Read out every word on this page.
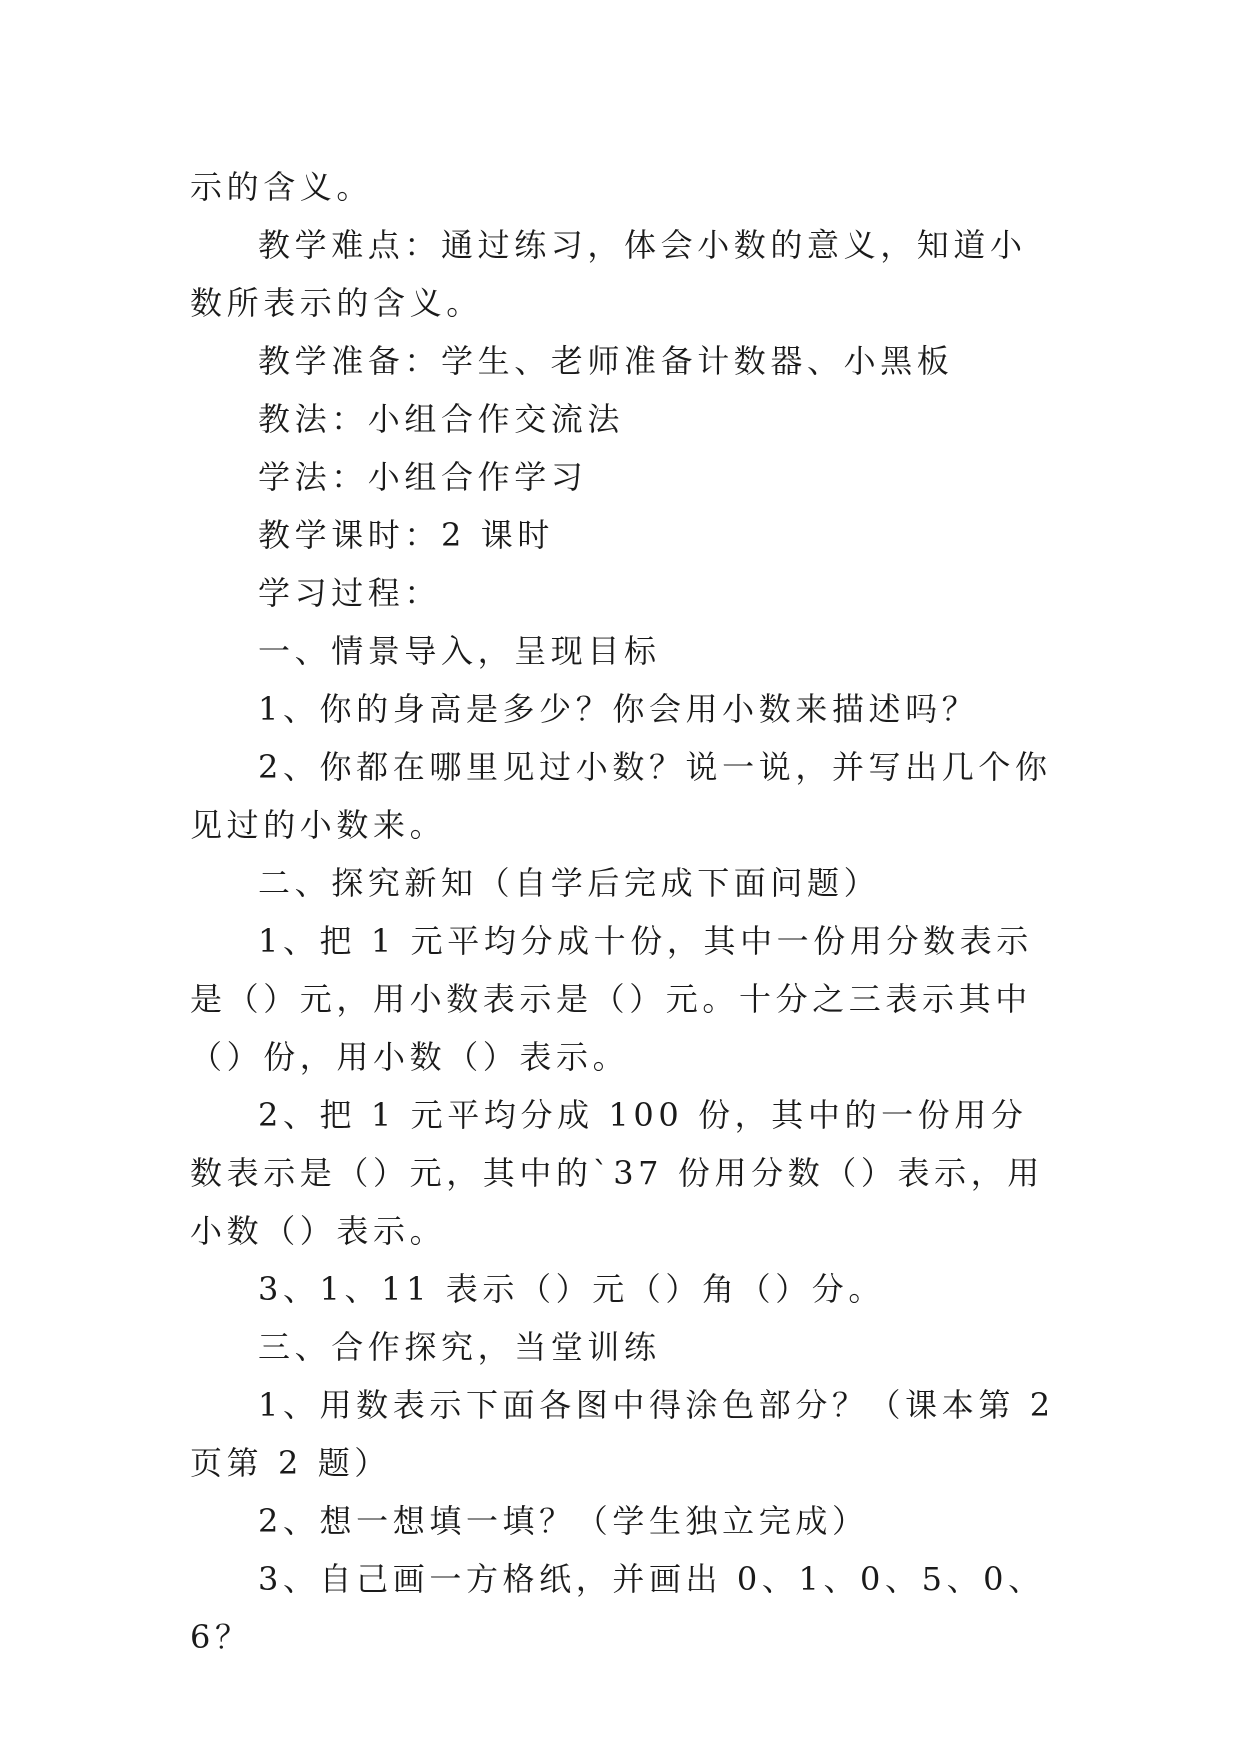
示的含义。

教学难点：通过练习，体会小数的意义，知道小数所表示的含义。

教学准备：学生、老师准备计数器、小黑板

教法：小组合作交流法

学法：小组合作学习

教学课时：2 课时

学习过程：

一、情景导入，呈现目标

1、你的身高是多少？你会用小数来描述吗？

2、你都在哪里见过小数？说一说，并写出几个你见过的小数来。

二、探究新知（自学后完成下面问题）

1、把 1 元平均分成十份，其中一份用分数表示是（）元，用小数表示是（）元。十分之三表示其中（）份，用小数（）表示。

2、把 1 元平均分成 100 份，其中的一份用分数表示是（）元，其中的`37 份用分数（）表示，用小数（）表示。

3、1、11 表示（）元（）角（）分。

三、合作探究，当堂训练

1、用数表示下面各图中得涂色部分？（课本第 2 页第 2 题）

2、想一想填一填？（学生独立完成）

3、自己画一方格纸，并画出 0、1、0、5、0、6？
